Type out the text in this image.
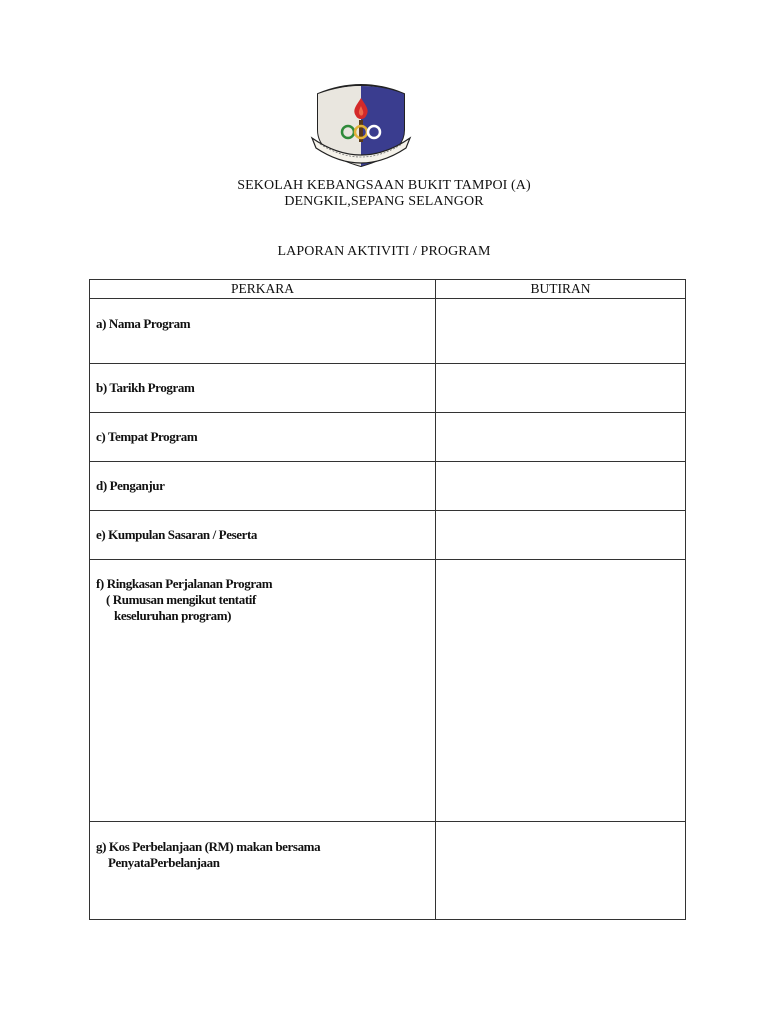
SEKOLAH KEBANGSAAN BUKIT TAMPOI (A)
DENGKIL,SEPANG SELANGOR
LAPORAN AKTIVITI / PROGRAM
PERKARA	BUTIRAN

a) Nama Program	

b) Tarikh Program	

c) Tempat Program	

d) Penganjur	

e) Kumpulan Sasaran / Peserta	

f) Ringkasan Perjalanan Program
( Rumusan mengikut tentatif
keseluruhan program)	

g) Kos Perbelanjaan (RM) makan bersama
PenyataPerbelanjaan	
